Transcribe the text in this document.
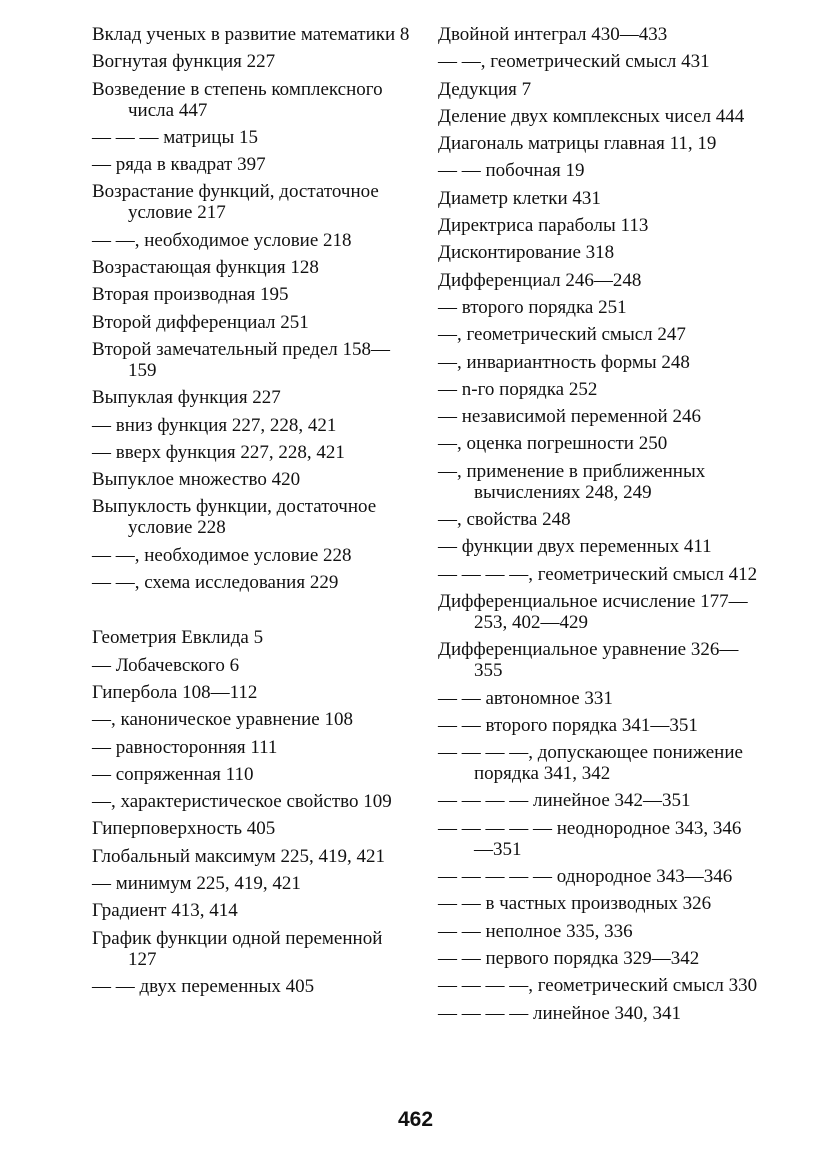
Вклад ученых в развитие математики 8
Вогнутая функция 227
Возведение в степень комплексного числа 447
— — — матрицы 15
— ряда в квадрат 397
Возрастание функций, достаточное условие 217
— —, необходимое условие 218
Возрастающая функция 128
Вторая производная 195
Второй дифференциал 251
Второй замечательный предел 158—159
Выпуклая функция 227
— вниз функция 227, 228, 421
— вверх функция 227, 228, 421
Выпуклое множество 420
Выпуклость функции, достаточное условие 228
— —, необходимое условие 228
— —, схема исследования 229
Геометрия Евклида 5
— Лобачевского 6
Гипербола 108—112
—, каноническое уравнение 108
— равносторонняя 111
— сопряженная 110
—, характеристическое свойство 109
Гиперповерхность 405
Глобальный максимум 225, 419, 421
— минимум 225, 419, 421
Градиент 413, 414
График функции одной переменной 127
— — двух переменных 405
Двойной интеграл 430—433
— —, геометрический смысл 431
Дедукция 7
Деление двух комплексных чисел 444
Диагональ матрицы главная 11, 19
— — побочная 19
Диаметр клетки 431
Директриса параболы 113
Дисконтирование 318
Дифференциал 246—248
— второго порядка 251
—, геометрический смысл 247
—, инвариантность формы 248
— n-го порядка 252
— независимой переменной 246
—, оценка погрешности 250
—, применение в приближенных вычислениях 248, 249
—, свойства 248
— функции двух переменных 411
— — — —, геометрический смысл 412
Дифференциальное исчисление 177—253, 402—429
Дифференциальное уравнение 326—355
— — автономное 331
— — второго порядка 341—351
— — — —, допускающее понижение порядка 341, 342
— — — — линейное 342—351
— — — — — неоднородное 343, 346—351
— — — — — однородное 343—346
— — в частных производных 326
— — неполное 335, 336
— — первого порядка 329—342
— — — —, геометрический смысл 330
— — — — линейное 340, 341
462
